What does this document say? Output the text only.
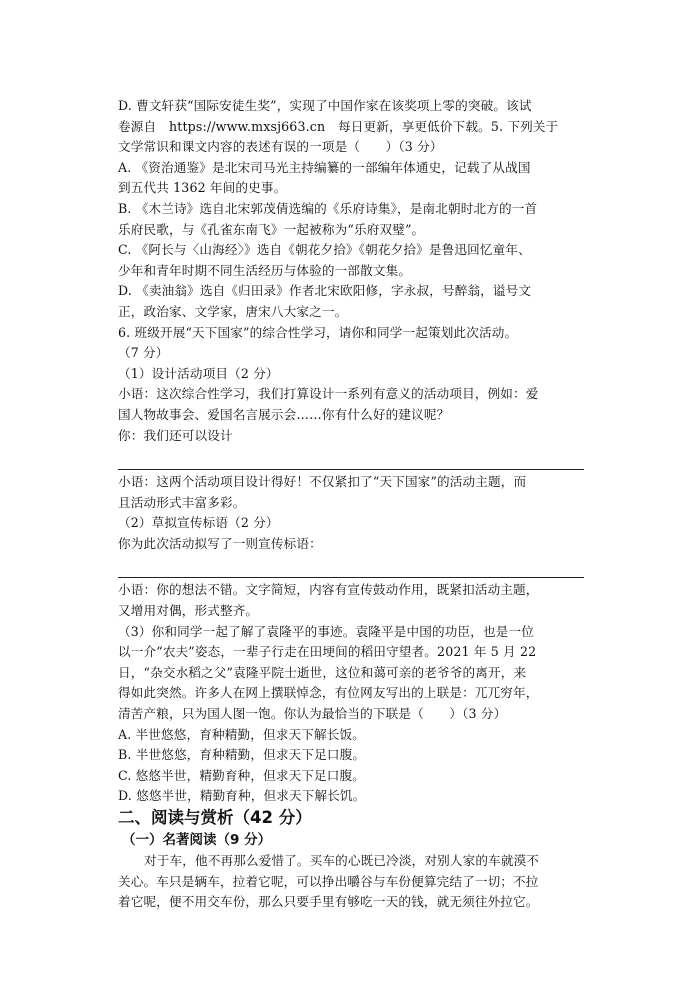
D. 曹文轩获“国际安徒生奖”，实现了中国作家在该奖项上零的突破。该试
卷源自　https://www.mxsj663.cn　每日更新，享更低价下载。5. 下列关于
文学常识和课文内容的表述有误的一项是（　　）（3 分）
A. 《资治通鉴》是北宋司马光主持编纂的一部编年体通史，记载了从战国
到五代共 1362 年间的史事。
B. 《木兰诗》选自北宋郭茂倩选编的《乐府诗集》，是南北朝时北方的一首
乐府民歌，与《孔雀东南飞》一起被称为“乐府双璧”。
C. 《阿长与〈山海经〉》选自《朝花夕拾》《朝花夕拾》是鲁迅回忆童年、
少年和青年时期不同生活经历与体验的一部散文集。
D. 《卖油翁》选自《归田录》作者北宋欧阳修，字永叔，号醉翁，谥号文
正，政治家、文学家，唐宋八大家之一。
6. 班级开展“天下国家”的综合性学习，请你和同学一起策划此次活动。
（7 分）
（1）设计活动项目（2 分）
小语：这次综合性学习，我们打算设计一系列有意义的活动项目，例如：爱
国人物故事会、爱国名言展示会……你有什么好的建议呢？
你：我们还可以设计
小语：这两个活动项目设计得好！不仅紧扣了“天下国家”的活动主题，而
且活动形式丰富多彩。
（2）草拟宣传标语（2 分）
你为此次活动拟写了一则宣传标语：
小语：你的想法不错。文字简短，内容有宣传鼓动作用，既紧扣活动主题，
又增用对偶，形式整齐。
（3）你和同学一起了解了袁隆平的事迹。袁隆平是中国的功臣，也是一位
以一介“农夫”姿态，一辈子行走在田埂间的稻田守望者。2021 年 5 月 22
日，“杂交水稻之父”袁隆平院士逝世，这位和蔼可亲的老爷爷的离开，来
得如此突然。许多人在网上撰联悼念，有位网友写出的上联是：兀兀穷年，
清苦产粮，只为国人图一饱。你认为最恰当的下联是（　　）（3 分）
A. 半世悠悠，育种精勤，但求天下解长饭。
B. 半世悠悠，育种精勤，但求天下足口腹。
C. 悠悠半世，精勤育种，但求天下足口腹。
D. 悠悠半世，精勤育种，但求天下解长饥。
二、阅读与赏析（42 分）
（一）名著阅读（9 分）
对于车，他不再那么爱惜了。买车的心既已冷淡，对别人家的车就漠不
关心。车只是辆车，拉着它呢，可以挣出嚼谷与车份便算完结了一切；不拉
着它呢，便不用交车份，那么只要手里有够吃一天的钱，就无须往外拉它。
